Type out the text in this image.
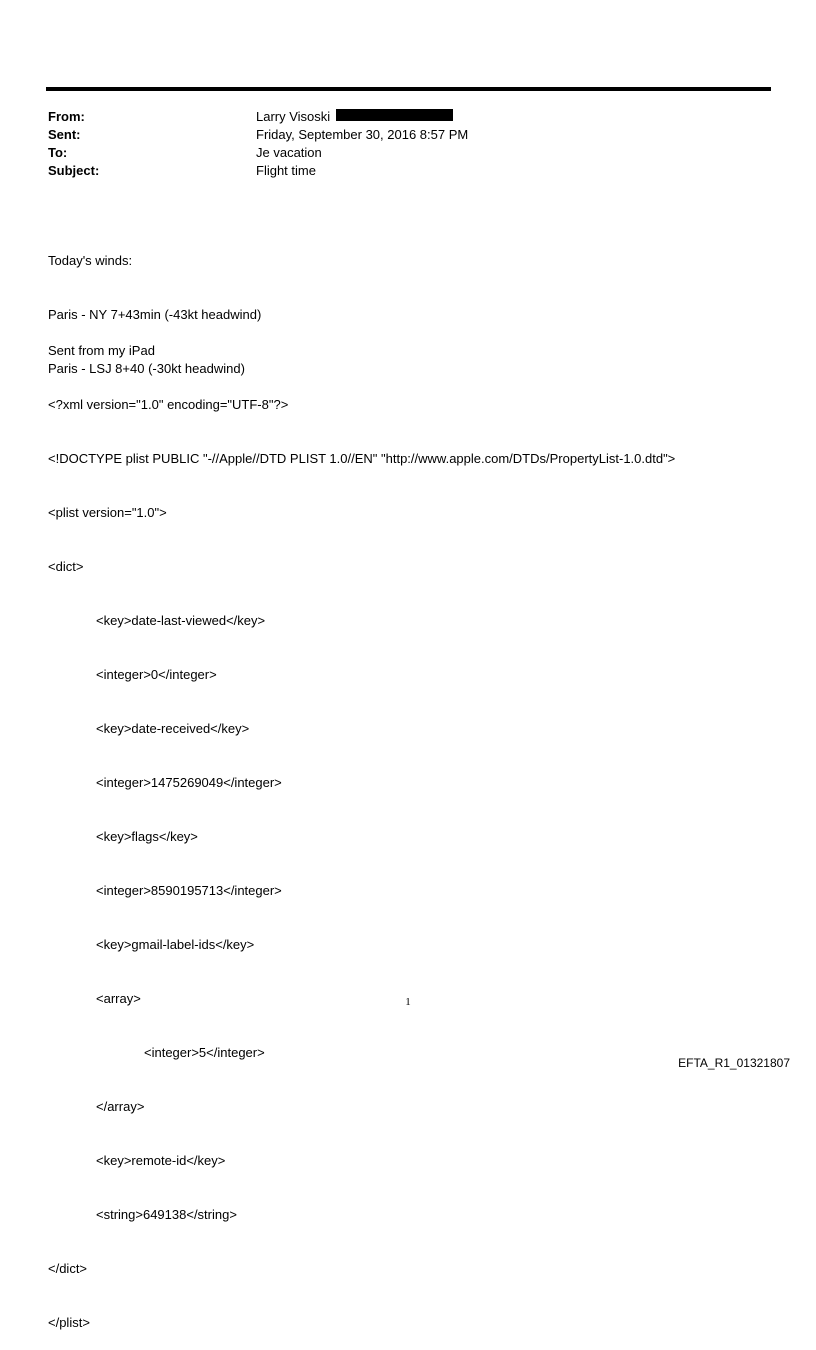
From:	Larry Visoski
Sent:	Friday, September 30, 2016 8:57 PM
To:	Je vacation
Subject:	Flight time

Today's winds:

Paris - NY 7+43min (-43kt headwind)

Paris - LSJ 8+40 (-30kt headwind)

Sent from my iPad

<?xml version="1.0" encoding="UTF-8"?>

<!DOCTYPE plist PUBLIC "-//Apple//DTD PLIST 1.0//EN" "http://www.apple.com/DTDs/PropertyList-1.0.dtd">

<plist version="1.0">

<dict>

<key>date-last-viewed</key>

<integer>0</integer>

<key>date-received</key>

<integer>1475269049</integer>

<key>flags</key>

<integer>8590195713</integer>

<key>gmail-label-ids</key>

<array>

<integer>5</integer>

</array>

<key>remote-id</key>

<string>649138</string>

</dict>

</plist>

1
EFTA_R1_01321807
